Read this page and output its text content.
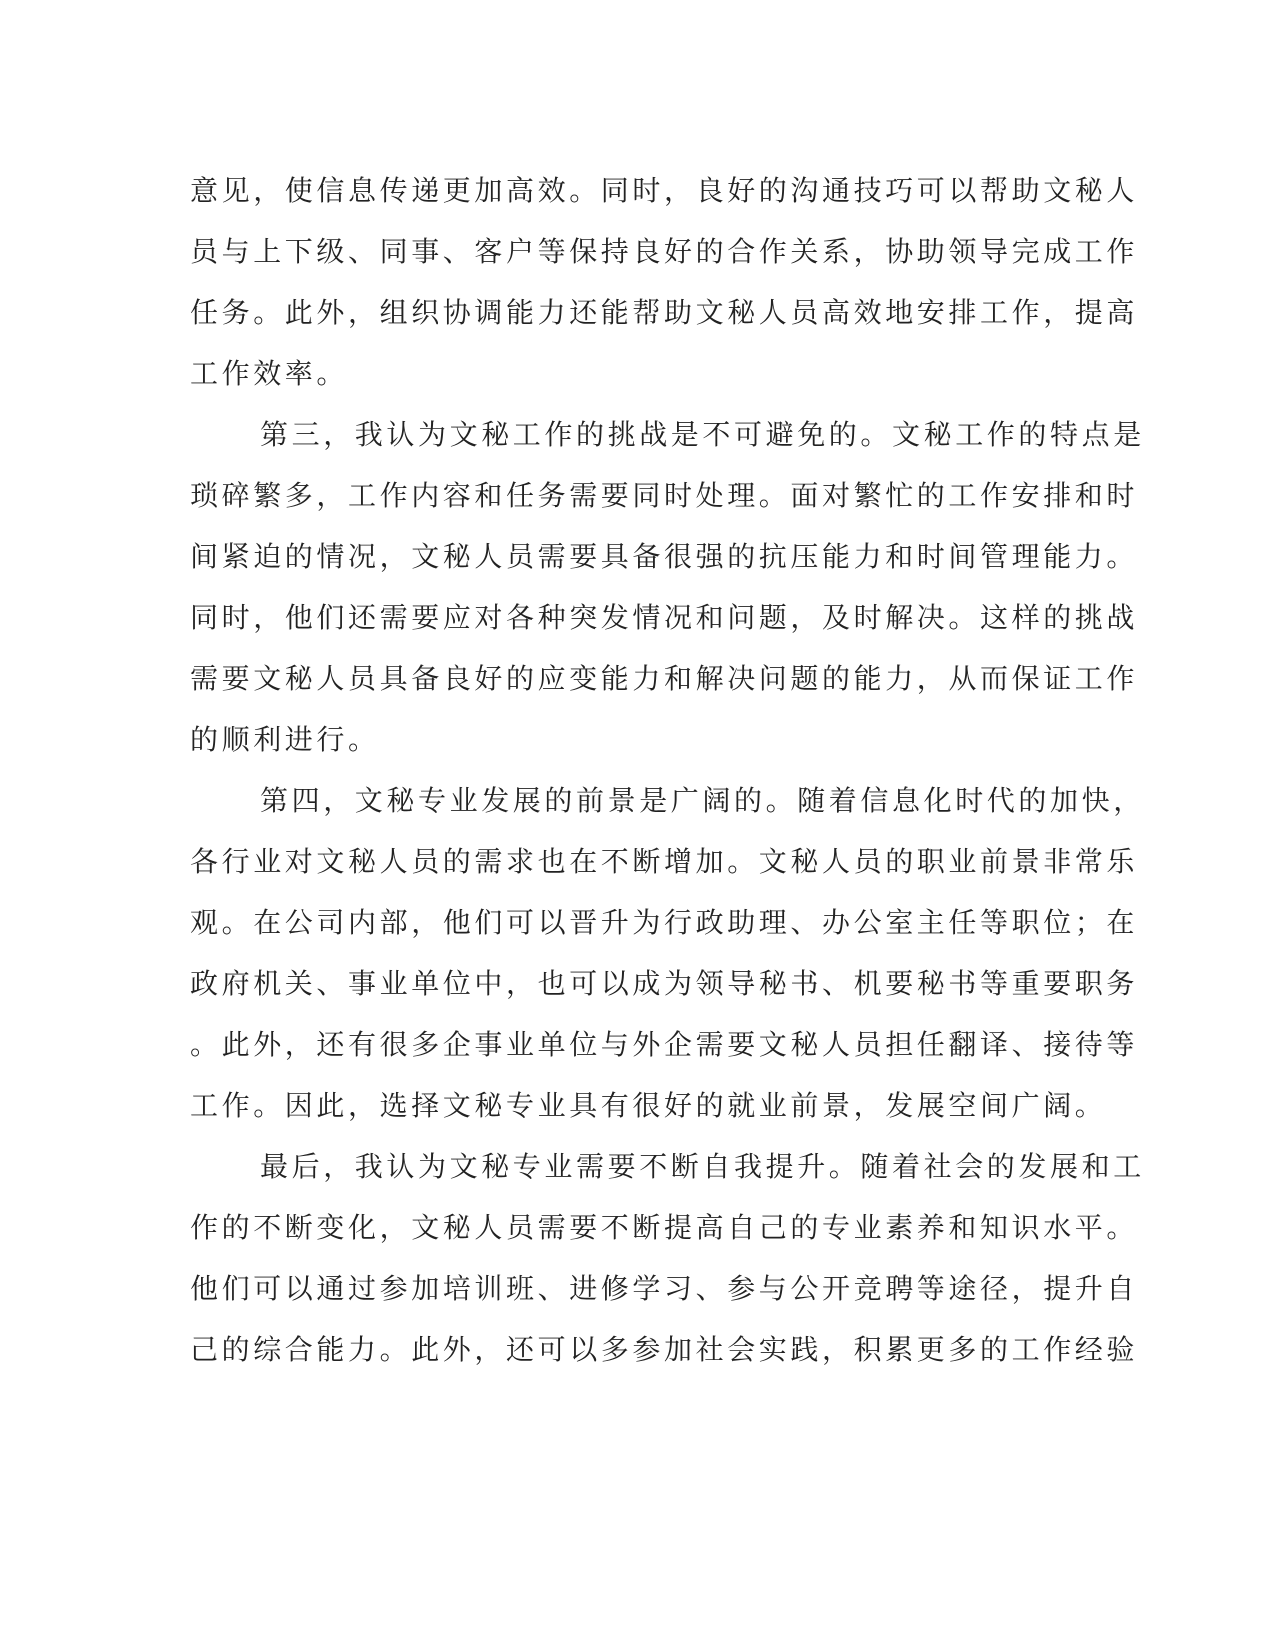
意见，使信息传递更加高效。同时，良好的沟通技巧可以帮助文秘人
员与上下级、同事、客户等保持良好的合作关系，协助领导完成工作
任务。此外，组织协调能力还能帮助文秘人员高效地安排工作，提高
工作效率。
第三，我认为文秘工作的挑战是不可避免的。文秘工作的特点是
琐碎繁多，工作内容和任务需要同时处理。面对繁忙的工作安排和时
间紧迫的情况，文秘人员需要具备很强的抗压能力和时间管理能力。
同时，他们还需要应对各种突发情况和问题，及时解决。这样的挑战
需要文秘人员具备良好的应变能力和解决问题的能力，从而保证工作
的顺利进行。
第四，文秘专业发展的前景是广阔的。随着信息化时代的加快，
各行业对文秘人员的需求也在不断增加。文秘人员的职业前景非常乐
观。在公司内部，他们可以晋升为行政助理、办公室主任等职位；在
政府机关、事业单位中，也可以成为领导秘书、机要秘书等重要职务
。此外，还有很多企事业单位与外企需要文秘人员担任翻译、接待等
工作。因此，选择文秘专业具有很好的就业前景，发展空间广阔。
最后，我认为文秘专业需要不断自我提升。随着社会的发展和工
作的不断变化，文秘人员需要不断提高自己的专业素养和知识水平。
他们可以通过参加培训班、进修学习、参与公开竞聘等途径，提升自
己的综合能力。此外，还可以多参加社会实践，积累更多的工作经验
